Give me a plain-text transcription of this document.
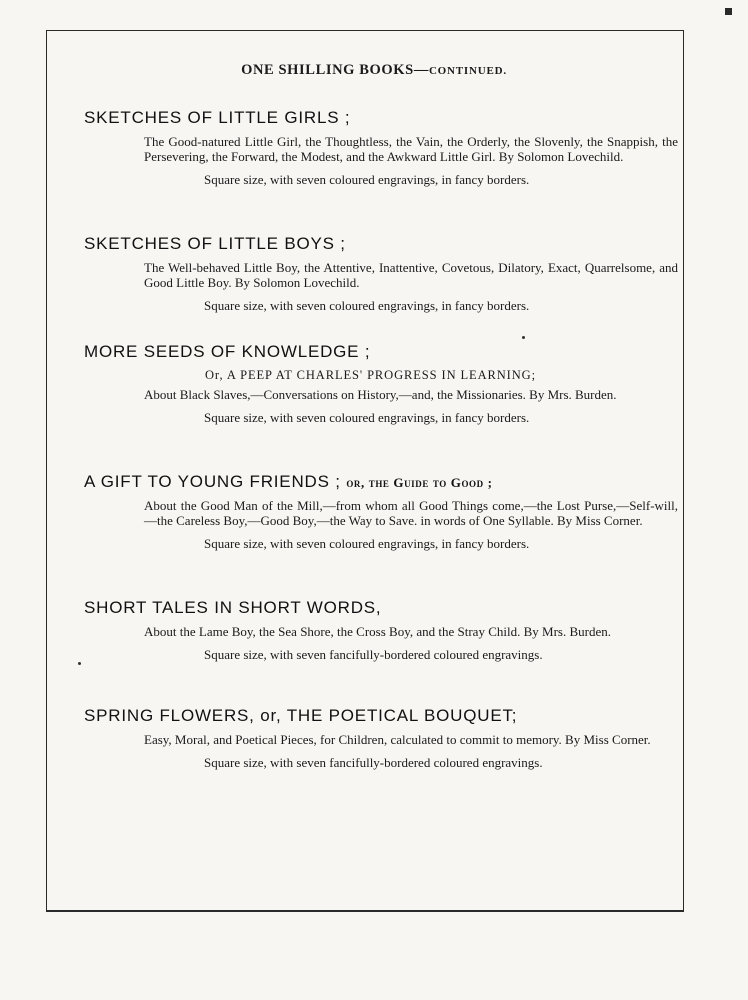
ONE SHILLING BOOKS—CONTINUED.
SKETCHES OF LITTLE GIRLS ;
The Good-natured Little Girl, the Thoughtless, the Vain, the Orderly, the Slovenly, the Snappish, the Persevering, the Forward, the Modest, and the Awkward Little Girl. By Solomon Lovechild.
Square size, with seven coloured engravings, in fancy borders.
SKETCHES OF LITTLE BOYS ;
The Well-behaved Little Boy, the Attentive, Inattentive, Covetous, Dilatory, Exact, Quarrelsome, and Good Little Boy. By Solomon Lovechild.
Square size, with seven coloured engravings, in fancy borders.
MORE SEEDS OF KNOWLEDGE ;
Or, A PEEP AT CHARLES' PROGRESS IN LEARNING;
About Black Slaves,—Conversations on History,—and, the Missionaries. By Mrs. Burden.
Square size, with seven coloured engravings, in fancy borders.
A GIFT TO YOUNG FRIENDS ; or, the Guide to Good ;
About the Good Man of the Mill,—from whom all Good Things come,—the Lost Purse,—Self-will,—the Careless Boy,—Good Boy,—the Way to Save. in words of One Syllable. By Miss Corner.
Square size, with seven coloured engravings, in fancy borders.
SHORT TALES IN SHORT WORDS,
About the Lame Boy, the Sea Shore, the Cross Boy, and the Stray Child. By Mrs. Burden.
Square size, with seven fancifully-bordered coloured engravings.
SPRING FLOWERS, or, THE POETICAL BOUQUET;
Easy, Moral, and Poetical Pieces, for Children, calculated to commit to memory. By Miss Corner.
Square size, with seven fancifully-bordered coloured engravings.
